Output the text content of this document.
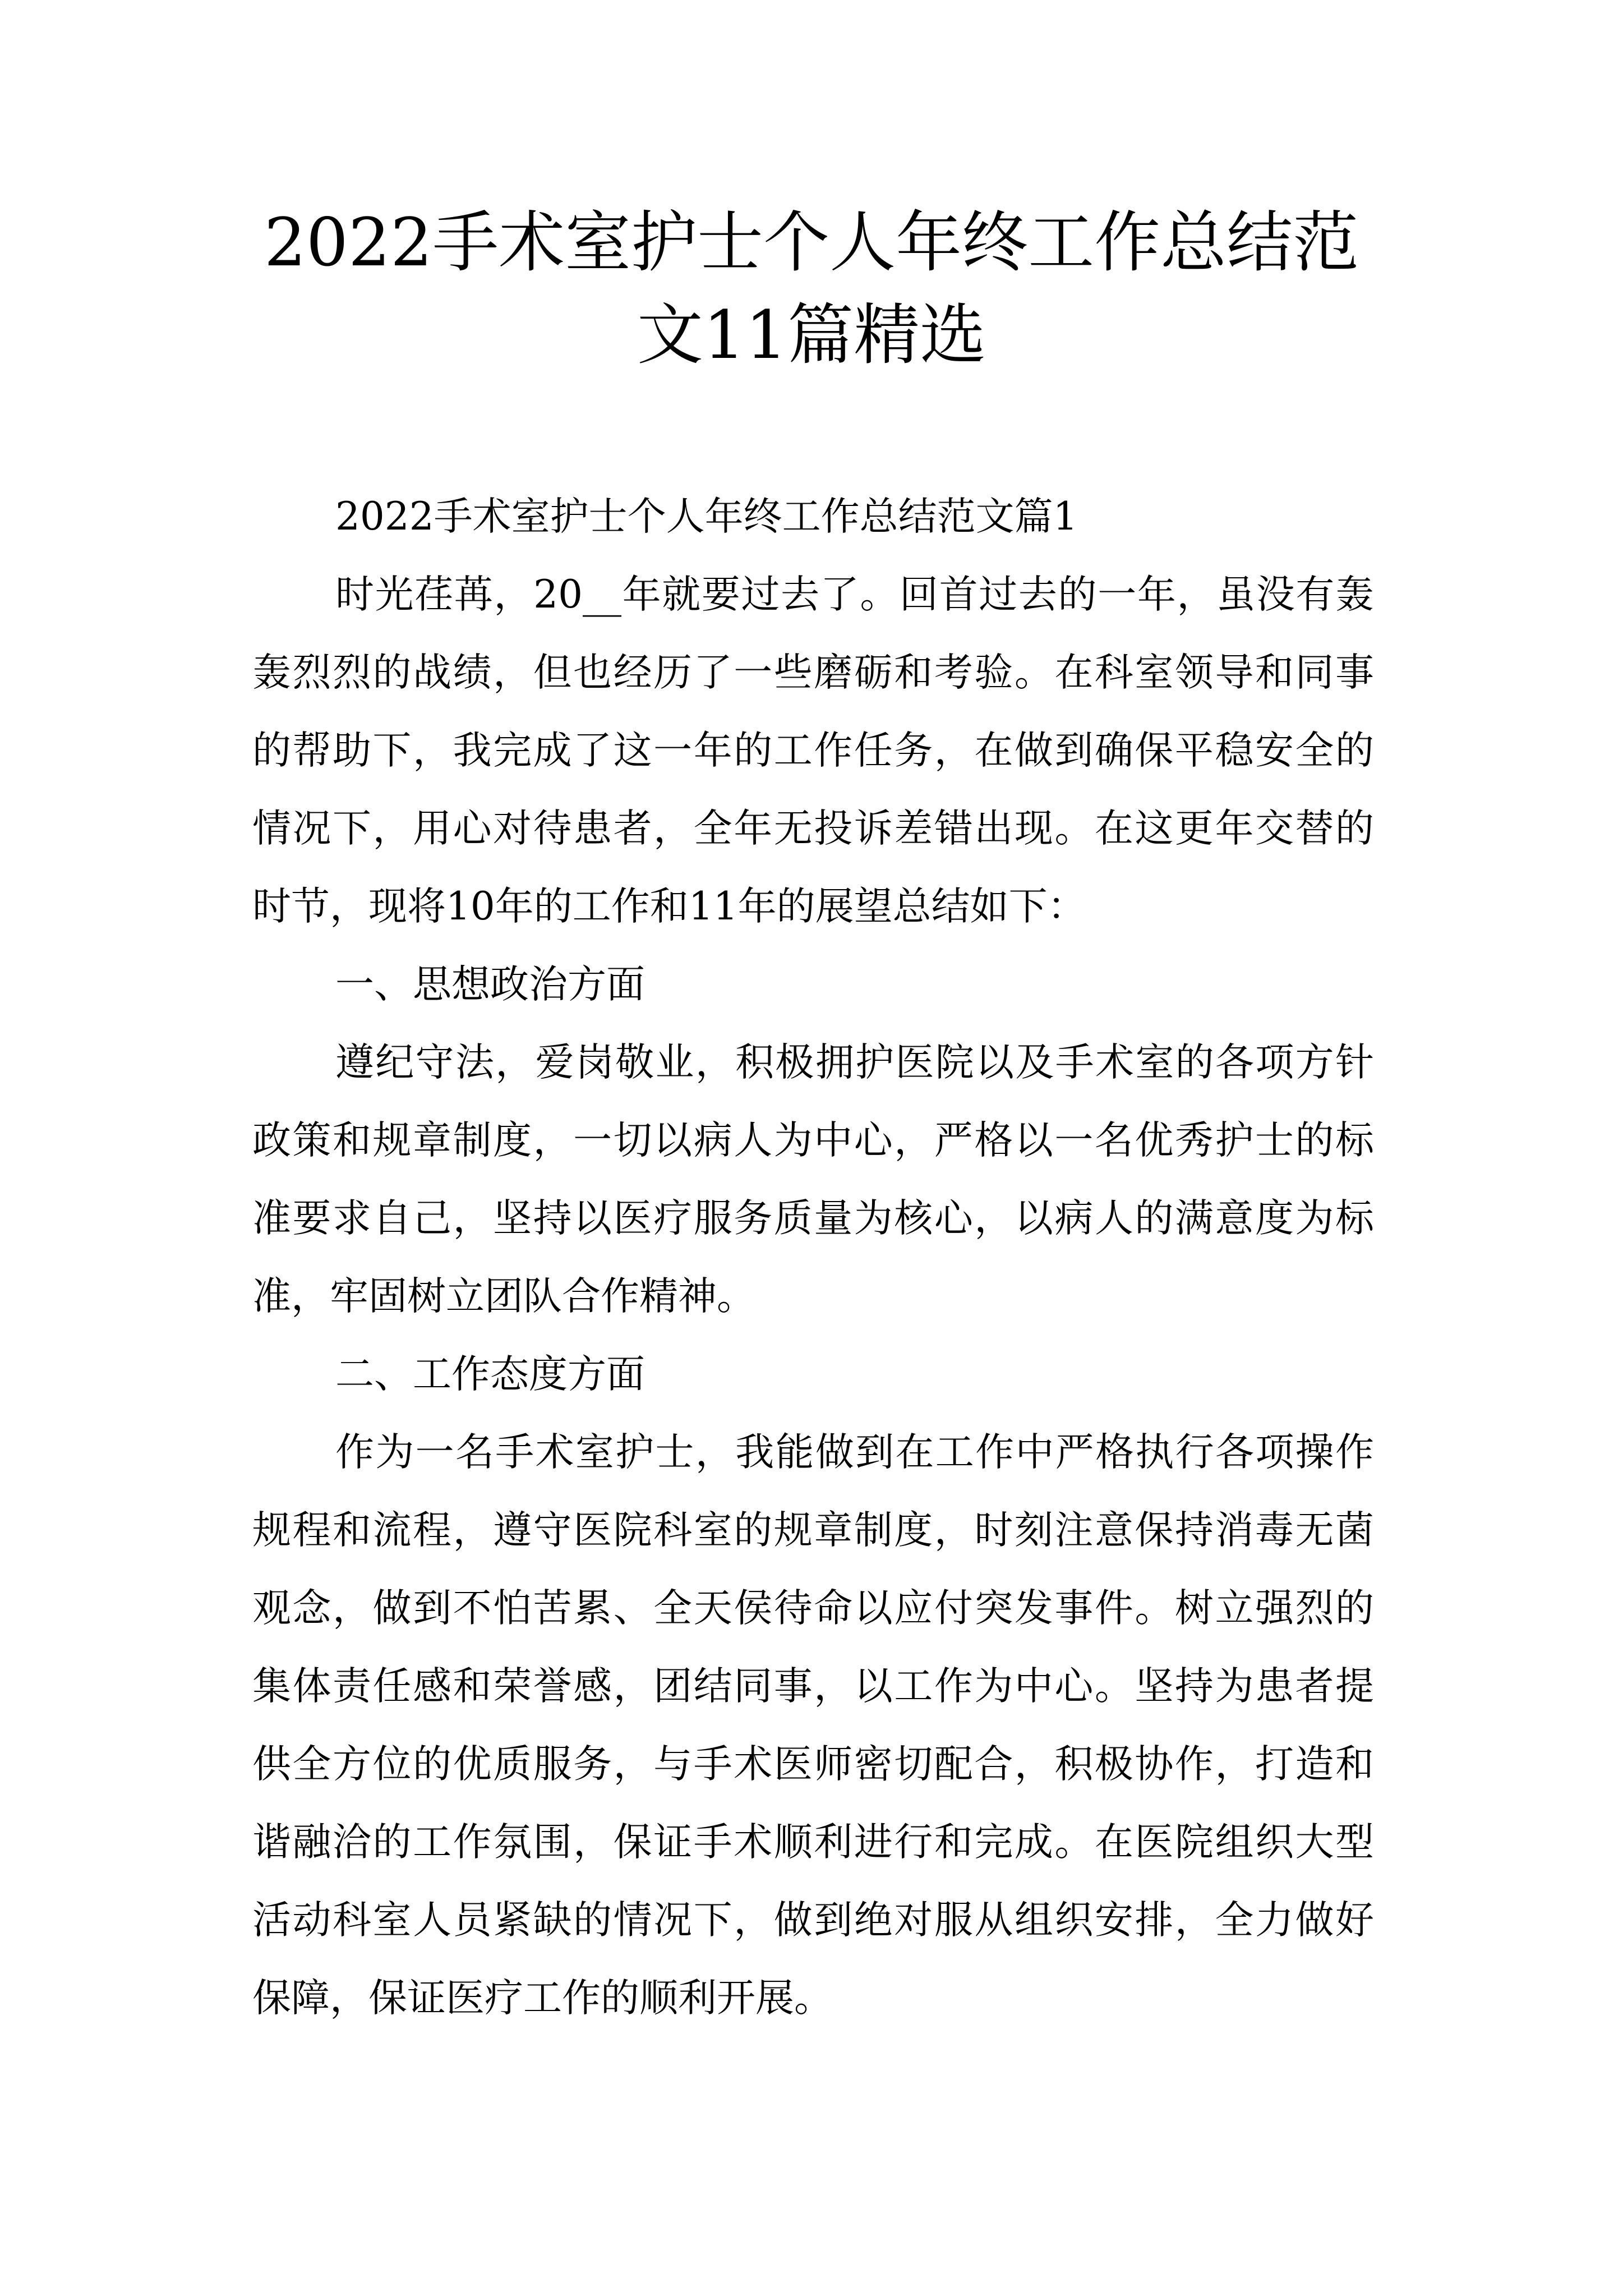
2022手术室护士个人年终工作总结范文11篇精选

2022手术室护士个人年终工作总结范文篇1

时光荏苒，20__年就要过去了。回首过去的一年，虽没有轰轰烈烈的战绩，但也经历了一些磨砺和考验。在科室领导和同事的帮助下，我完成了这一年的工作任务，在做到确保平稳安全的情况下，用心对待患者，全年无投诉差错出现。在这更年交替的时节，现将10年的工作和11年的展望总结如下：

一、思想政治方面

遵纪守法，爱岗敬业，积极拥护医院以及手术室的各项方针政策和规章制度，一切以病人为中心，严格以一名优秀护士的标准要求自己，坚持以医疗服务质量为核心，以病人的满意度为标准，牢固树立团队合作精神。

二、工作态度方面

作为一名手术室护士，我能做到在工作中严格执行各项操作规程和流程，遵守医院科室的规章制度，时刻注意保持消毒无菌观念，做到不怕苦累、全天侯待命以应付突发事件。树立强烈的集体责任感和荣誉感，团结同事，以工作为中心。坚持为患者提供全方位的优质服务，与手术医师密切配合，积极协作，打造和谐融洽的工作氛围，保证手术顺利进行和完成。在医院组织大型活动科室人员紧缺的情况下，做到绝对服从组织安排，全力做好保障，保证医疗工作的顺利开展。
